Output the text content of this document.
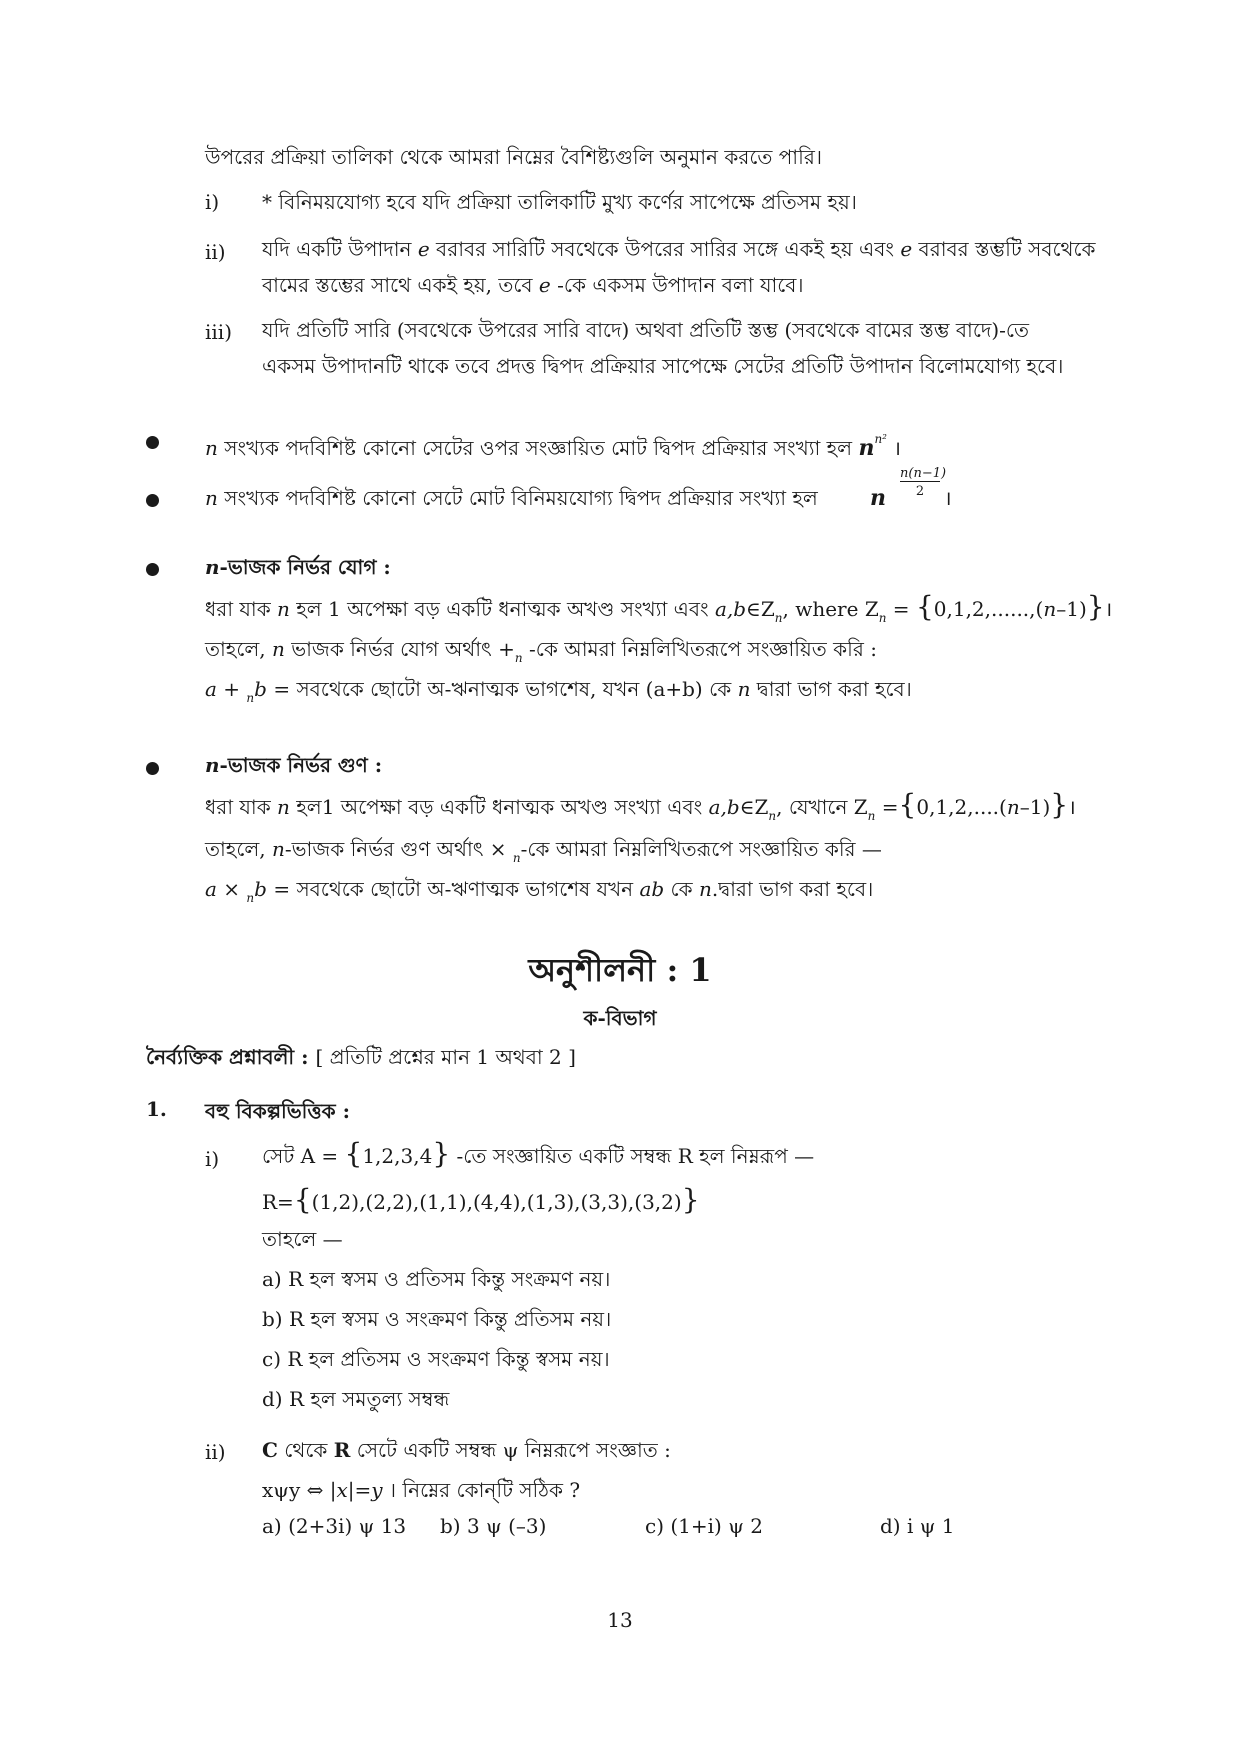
উপরের প্রক্রিয়া তালিকা থেকে আমরা নিম্নের বৈশিষ্ট্যগুলি অনুমান করতে পারি।
i) * বিনিময়যোগ্য হবে যদি প্রক্রিয়া তালিকাটি মুখ্য কর্ণের সাপেক্ষে প্রতিসম হয়।
ii) যদি একটি উপাদান e বরাবর সারিটি সবথেকে উপরের সারির সঙ্গে একই হয় এবং e বরাবর স্তম্ভটি সবথেকে
বামের স্তম্ভের সাথে একই হয়, তবে e -কে একসম উপাদান বলা যাবে।
iii) যদি প্রতিটি সারি (সবথেকে উপরের সারি বাদে) অথবা প্রতিটি স্তম্ভ (সবথেকে বামের স্তম্ভ বাদে)-তে
একসম উপাদানটি থাকে তবে প্রদত্ত দ্বিপদ প্রক্রিয়ার সাপেক্ষে সেটের প্রতিটি উপাদান বিলোমযোগ্য হবে।
n সংখ্যক পদবিশিষ্ট কোনো সেটের ওপর সংজ্ঞায়িত মোট দ্বিপদ প্রক্রিয়ার সংখ্যা হল $n^{n^2}$ ।
n সংখ্যক পদবিশিষ্ট কোনো সেটে মোট বিনিময়যোগ্য দ্বিপদ প্রক্রিয়ার সংখ্যা হল n
n(n−1)
2 ।
n-ভাজক নির্ভর যোগ :
ধরা যাক n হল 1 অপেক্ষা বড় একটি ধনাত্মক অখণ্ড সংখ্যা এবং $a,b\in Z_n$, where $Z_n$ = {0,1,2,......,(n–1)}।
তাহলে, n ভাজক নির্ভর যোগ অর্থাৎ $+_n$ -কে আমরা নিম্নলিখিতরূপে সংজ্ঞায়িত করি :
a + $_n$b = সবথেকে ছোটো অ-ঋনাত্মক ভাগশেষ, যখন (a+b) কে n দ্বারা ভাগ করা হবে।
n-ভাজক নির্ভর গুণ :
ধরা যাক n হল1 অপেক্ষা বড় একটি ধনাত্মক অখণ্ড সংখ্যা এবং $a,b\in Z_n$, যেখানে $Z_n$ ={0,1,2,....(n–1)}।
তাহলে, n-ভাজক নির্ভর গুণ অর্থাৎ × $_n$-কে আমরা নিম্নলিখিতরূপে সংজ্ঞায়িত করি —
a × $_n$b = সবথেকে ছোটো অ-ঋণাত্মক ভাগশেষ যখন ab কে n.দ্বারা ভাগ করা হবে।
অনুশীলনী : 1
ক-বিভাগ
নৈর্ব্যক্তিক প্রশ্নাবলী : [ প্রতিটি প্রশ্নের মান 1 অথবা 2 ]
1. বহু বিকল্পভিত্তিক :
i) সেট A = {1,2,3,4} -তে সংজ্ঞায়িত একটি সম্বন্ধ R হল নিম্নরূপ —
R={(1,2),(2,2),(1,1),(4,4),(1,3),(3,3),(3,2)}
তাহলে —
a) R হল স্বসম ও প্রতিসম কিন্তু সংক্রমণ নয়।
b) R হল স্বসম ও সংক্রমণ কিন্তু প্রতিসম নয়।
c) R হল প্রতিসম ও সংক্রমণ কিন্তু স্বসম নয়।
d) R হল সমতুল্য সম্বন্ধ
ii) C থেকে R সেটে একটি সম্বন্ধ ψ নিম্নরূপে সংজ্ঞাত :
xψy ⇔ |x|=y । নিম্নের কোন্‌টি সঠিক ?
a) (2+3i) ψ 13 b) 3 ψ (–3)	c) (1+i) ψ 2	d) i ψ 1
13
